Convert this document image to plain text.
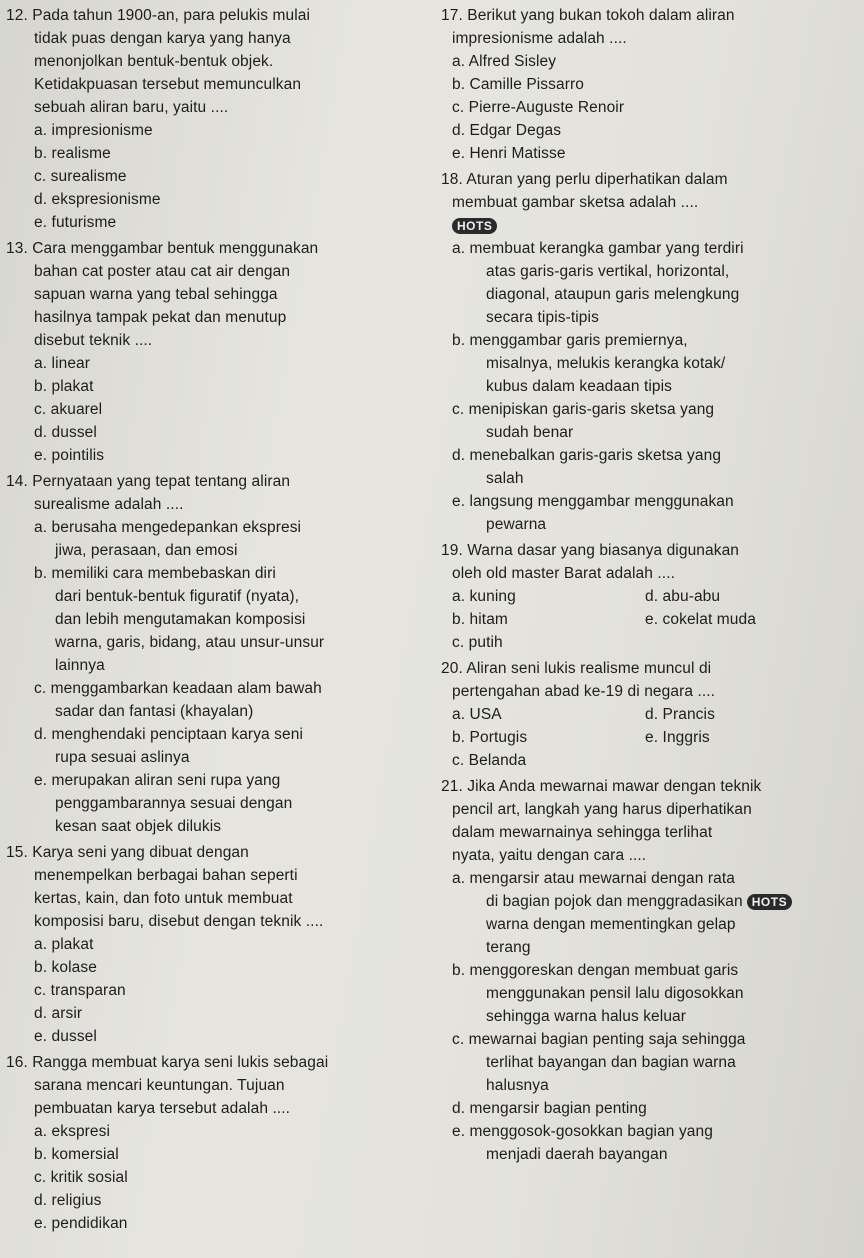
12. Pada tahun 1900-an, para pelukis mulai
tidak puas dengan karya yang hanya
menonjolkan bentuk-bentuk objek.
Ketidakpuasan tersebut memunculkan
sebuah aliran baru, yaitu ....
a. impresionisme
b. realisme
c. surealisme
d. ekspresionisme
e. futurisme
13. Cara menggambar bentuk menggunakan
bahan cat poster atau cat air dengan
sapuan warna yang tebal sehingga
hasilnya tampak pekat dan menutup
disebut teknik ....
a. linear
b. plakat
c. akuarel
d. dussel
e. pointilis
14. Pernyataan yang tepat tentang aliran
surealisme adalah ....
a. berusaha mengedepankan ekspresi
jiwa, perasaan, dan emosi
b. memiliki cara membebaskan diri
dari bentuk-bentuk figuratif (nyata),
dan lebih mengutamakan komposisi
warna, garis, bidang, atau unsur-unsur
lainnya
c. menggambarkan keadaan alam bawah
sadar dan fantasi (khayalan)
d. menghendaki penciptaan karya seni
rupa sesuai aslinya
e. merupakan aliran seni rupa yang
penggambarannya sesuai dengan
kesan saat objek dilukis
15. Karya seni yang dibuat dengan
menempelkan berbagai bahan seperti
kertas, kain, dan foto untuk membuat
komposisi baru, disebut dengan teknik ....
a. plakat
b. kolase
c. transparan
d. arsir
e. dussel
16. Rangga membuat karya seni lukis sebagai
sarana mencari keuntungan. Tujuan
pembuatan karya tersebut adalah ....
a. ekspresi
b. komersial
c. kritik sosial
d. religius
e. pendidikan
HOTS
17. Berikut yang bukan tokoh dalam aliran
impresionisme adalah ....
a. Alfred Sisley
b. Camille Pissarro
c. Pierre-Auguste Renoir
d. Edgar Degas
e. Henri Matisse
18. Aturan yang perlu diperhatikan dalam
membuat gambar sketsa adalah ....
a. membuat kerangka gambar yang terdiri
atas garis-garis vertikal, horizontal,
diagonal, ataupun garis melengkung
secara tipis-tipis
b. menggambar garis premiernya,
misalnya, melukis kerangka kotak/
kubus dalam keadaan tipis
c. menipiskan garis-garis sketsa yang
sudah benar
d. menebalkan garis-garis sketsa yang
salah
e. langsung menggambar menggunakan
pewarna
19. Warna dasar yang biasanya digunakan
oleh old master Barat adalah ....
a. kuning	d. abu-abu
b. hitam	e. cokelat muda
c. putih
20. Aliran seni lukis realisme muncul di
pertengahan abad ke-19 di negara ....
a. USA	d. Prancis
b. Portugis	e. Inggris
c. Belanda
21. Jika Anda mewarnai mawar dengan teknik
pencil art, langkah yang harus diperhatikan
dalam mewarnainya sehingga terlihat
nyata, yaitu dengan cara ....
a. mengarsir atau mewarnai dengan rata
di bagian pojok dan menggradasikan HOTS
warna dengan mementingkan gelap
terang
b. menggoreskan dengan membuat garis
menggunakan pensil lalu digosokkan
sehingga warna halus keluar
c. mewarnai bagian penting saja sehingga
terlihat bayangan dan bagian warna
halusnya
d. mengarsir bagian penting
e. menggosok-gosokkan bagian yang
menjadi daerah bayangan
